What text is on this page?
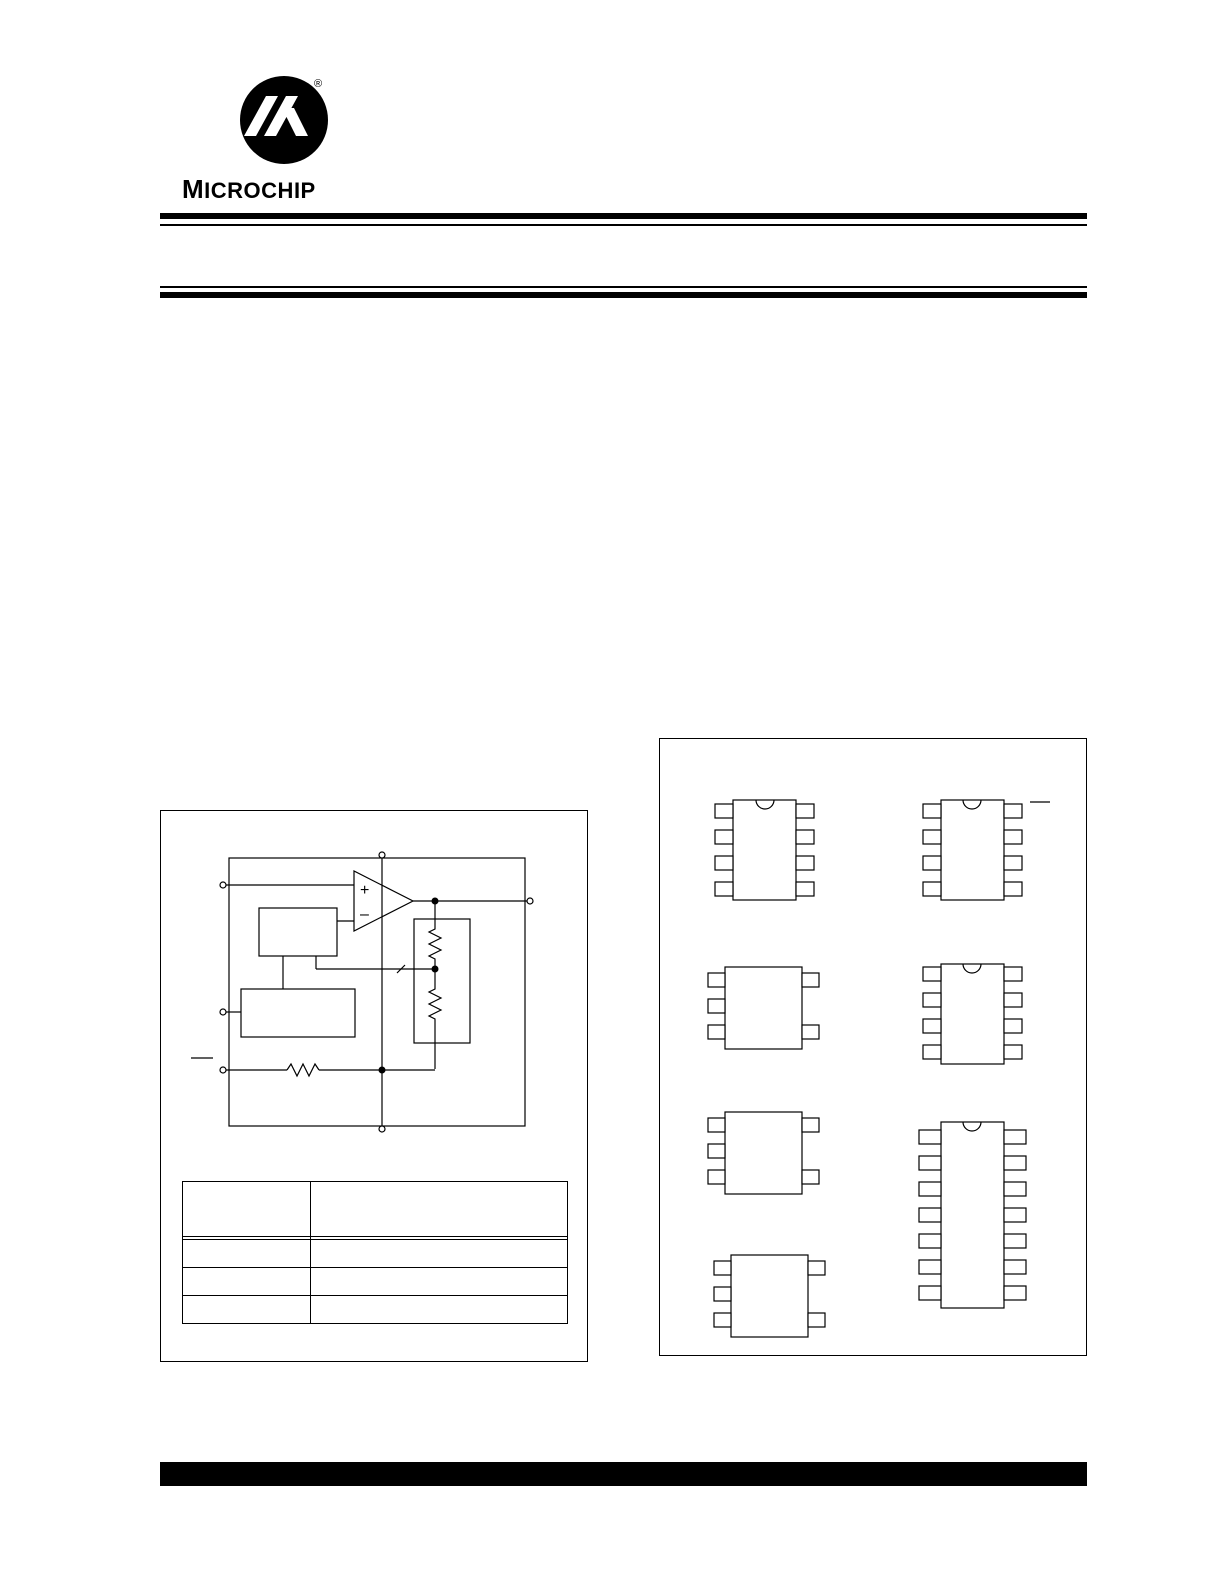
®
MICROCHIP
+
–
